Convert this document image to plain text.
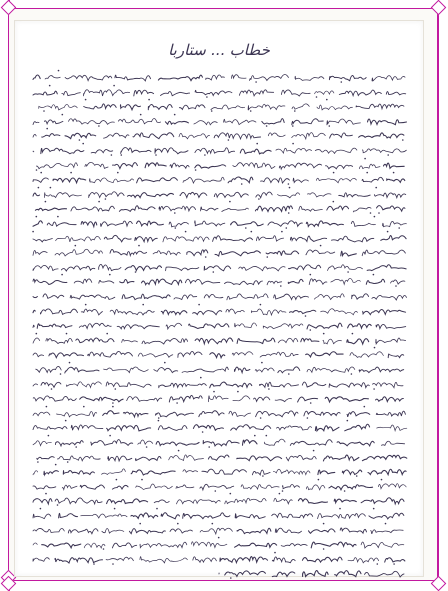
خطاب ... ستاربا
